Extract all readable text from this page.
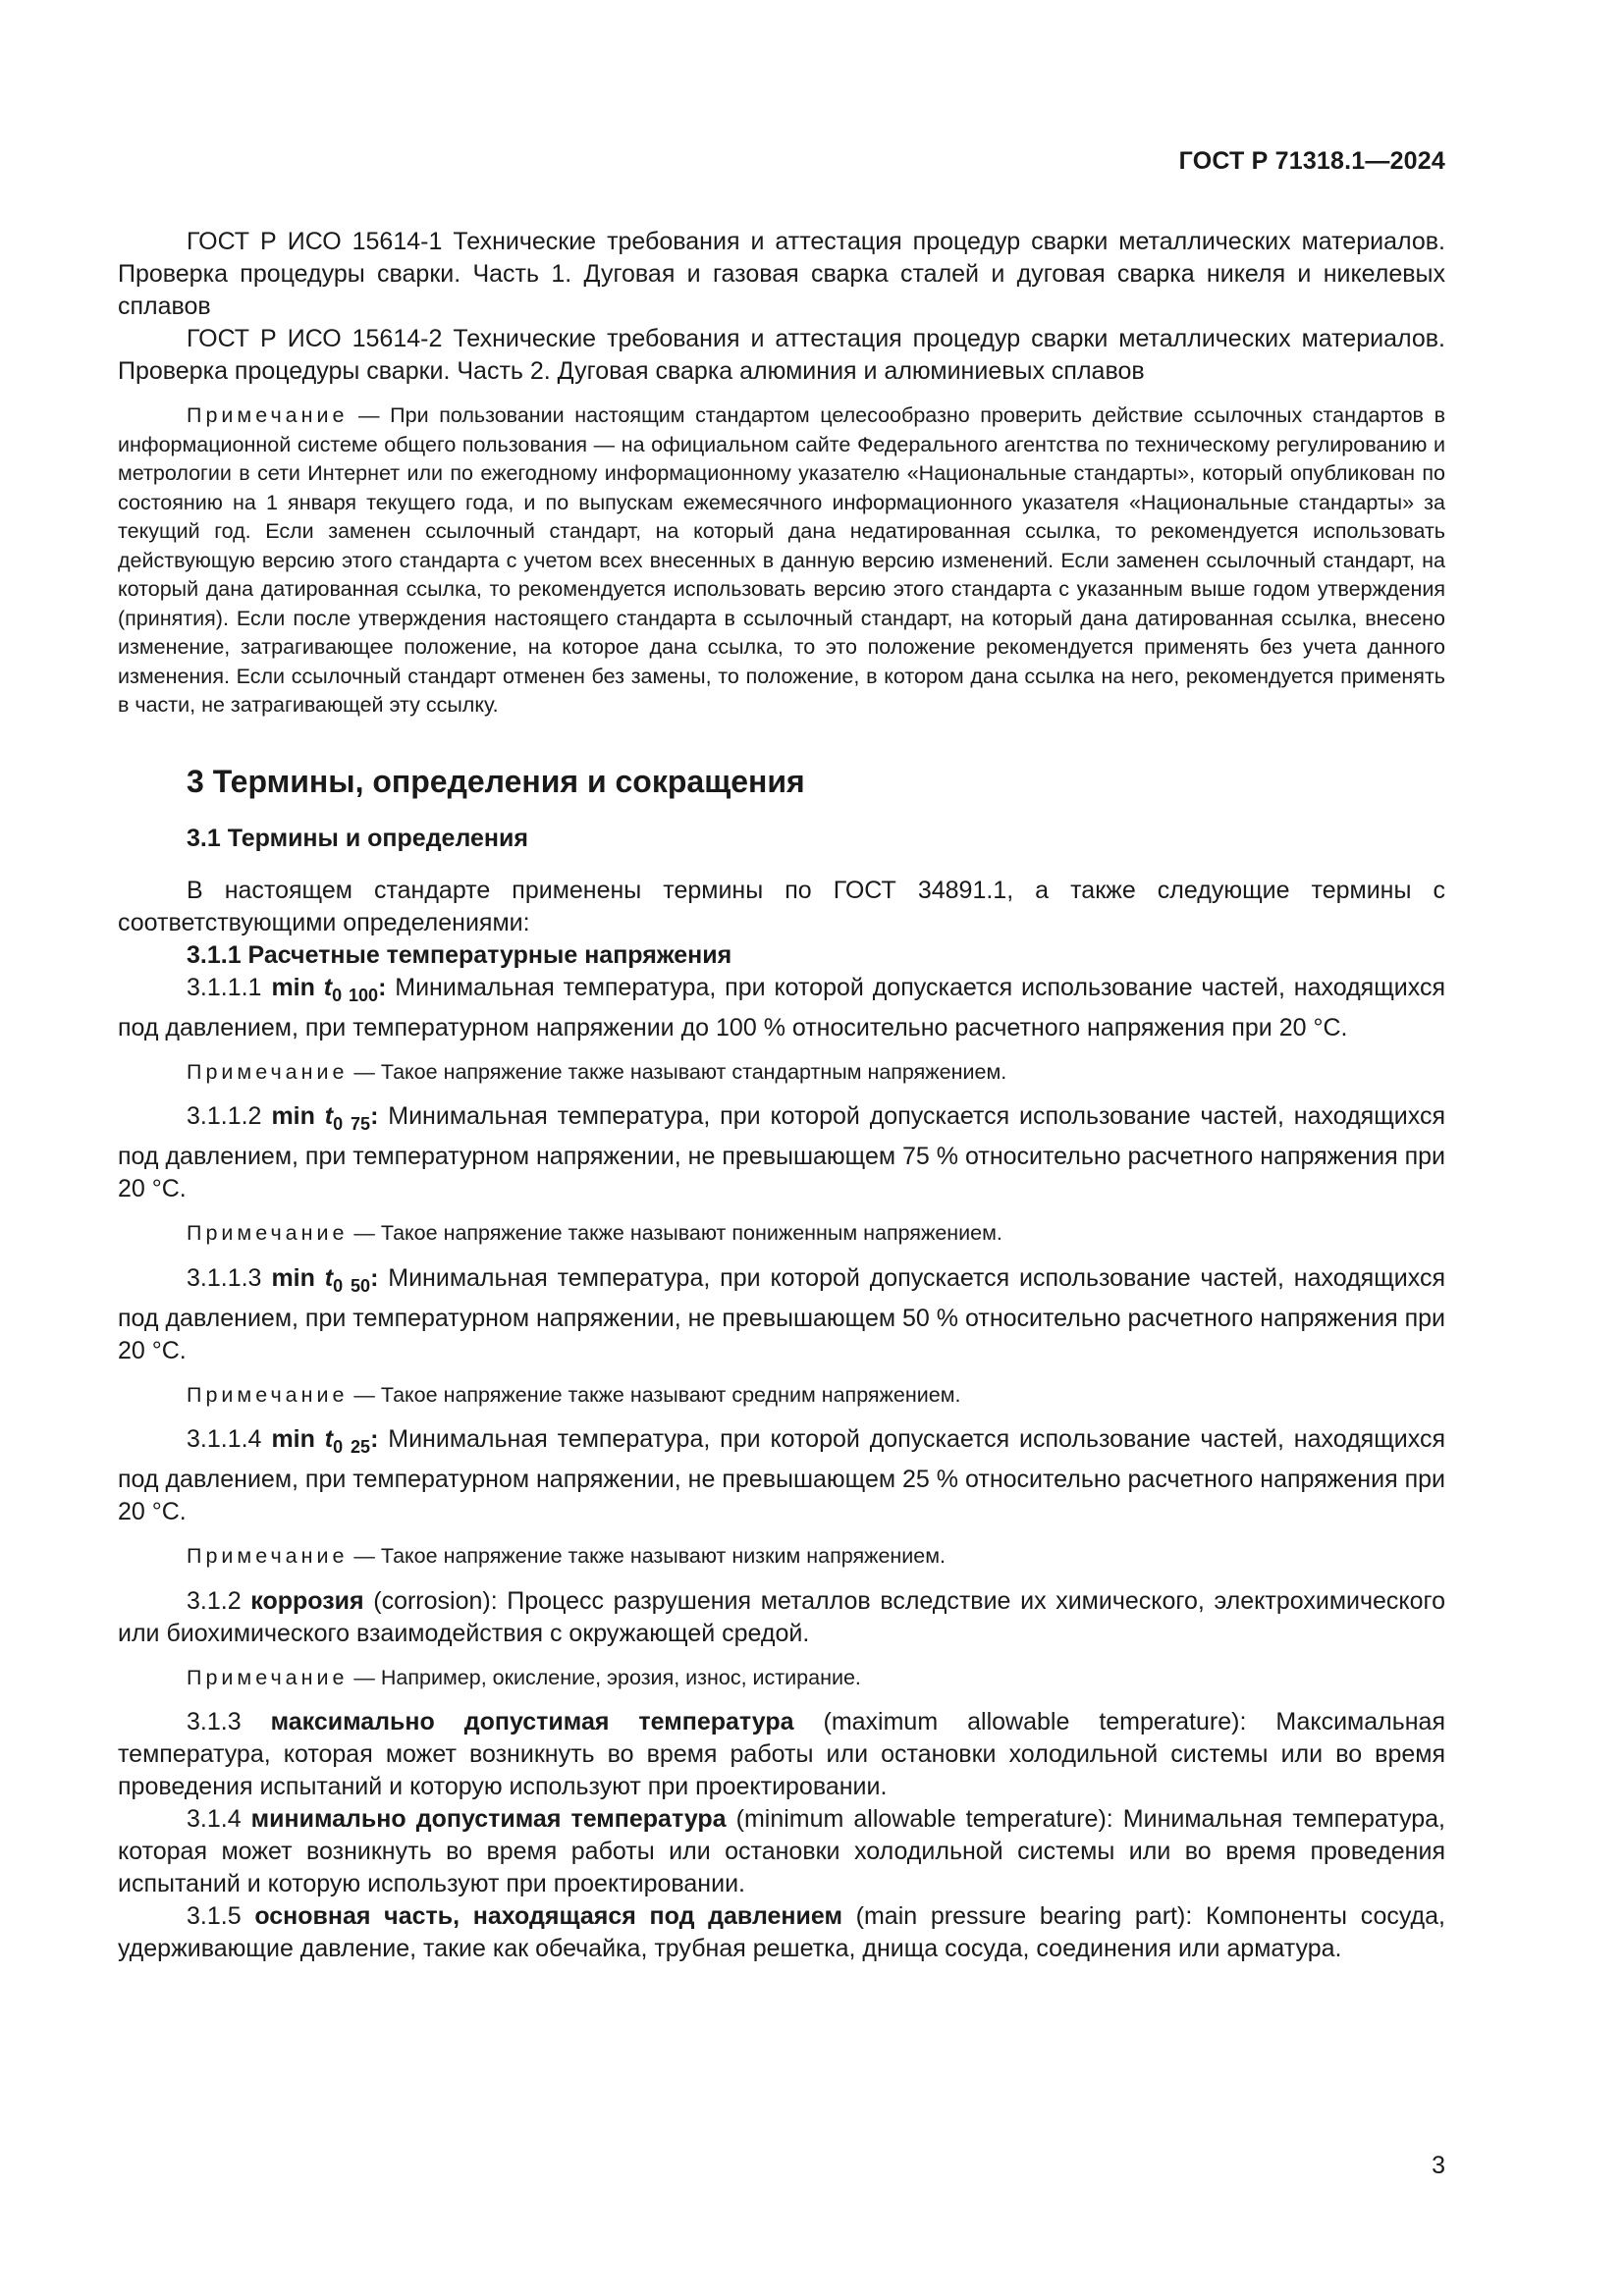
ГОСТ Р 71318.1—2024

ГОСТ Р ИСО 15614-1 Технические требования и аттестация процедур сварки металлических материалов. Проверка процедуры сварки. Часть 1. Дуговая и газовая сварка сталей и дуговая сварка никеля и никелевых сплавов

ГОСТ Р ИСО 15614-2 Технические требования и аттестация процедур сварки металлических материалов. Проверка процедуры сварки. Часть 2. Дуговая сварка алюминия и алюминиевых сплавов

Примечание — При пользовании настоящим стандартом целесообразно проверить действие ссылочных стандартов в информационной системе общего пользования — на официальном сайте Федерального агентства по техническому регулированию и метрологии в сети Интернет или по ежегодному информационному указателю «Национальные стандарты», который опубликован по состоянию на 1 января текущего года, и по выпускам ежемесячного информационного указателя «Национальные стандарты» за текущий год. Если заменен ссылочный стандарт, на который дана недатированная ссылка, то рекомендуется использовать действующую версию этого стандарта с учетом всех внесенных в данную версию изменений. Если заменен ссылочный стандарт, на который дана датированная ссылка, то рекомендуется использовать версию этого стандарта с указанным выше годом утверждения (принятия). Если после утверждения настоящего стандарта в ссылочный стандарт, на который дана датированная ссылка, внесено изменение, затрагивающее положение, на которое дана ссылка, то это положение рекомендуется применять без учета данного изменения. Если ссылочный стандарт отменен без замены, то положение, в котором дана ссылка на него, рекомендуется применять в части, не затрагивающей эту ссылку.

3 Термины, определения и сокращения
3.1 Термины и определения

В настоящем стандарте применены термины по ГОСТ 34891.1, а также следующие термины с соответствующими определениями:

3.1.1 Расчетные температурные напряжения

3.1.1.1 $\min t_{0 100}$: Минимальная температура, при которой допускается использование частей, находящихся под давлением, при температурном напряжении до 100 % относительно расчетного напряжения при 20 °С.

Примечание — Такое напряжение также называют стандартным напряжением.

3.1.1.2 $\min t_{0 75}$: Минимальная температура, при которой допускается использование частей, находящихся под давлением, при температурном напряжении, не превышающем 75 % относительно расчетного напряжения при 20 °С.

Примечание — Такое напряжение также называют пониженным напряжением.

3.1.1.3 $\min t_{0 50}$: Минимальная температура, при которой допускается использование частей, находящихся под давлением, при температурном напряжении, не превышающем 50 % относительно расчетного напряжения при 20 °С.

Примечание — Такое напряжение также называют средним напряжением.

3.1.1.4 $\min t_{0 25}$: Минимальная температура, при которой допускается использование частей, находящихся под давлением, при температурном напряжении, не превышающем 25 % относительно расчетного напряжения при 20 °С.

Примечание — Такое напряжение также называют низким напряжением.

3.1.2 коррозия (corrosion): Процесс разрушения металлов вследствие их химического, электрохимического или биохимического взаимодействия с окружающей средой.

Примечание — Например, окисление, эрозия, износ, истирание.

3.1.3 максимально допустимая температура (maximum allowable temperature): Максимальная температура, которая может возникнуть во время работы или остановки холодильной системы или во время проведения испытаний и которую используют при проектировании.

3.1.4 минимально допустимая температура (minimum allowable temperature): Минимальная температура, которая может возникнуть во время работы или остановки холодильной системы или во время проведения испытаний и которую используют при проектировании.

3.1.5 основная часть, находящаяся под давлением (main pressure bearing part): Компоненты сосуда, удерживающие давление, такие как обечайка, трубная решетка, днища сосуда, соединения или арматура.

3
